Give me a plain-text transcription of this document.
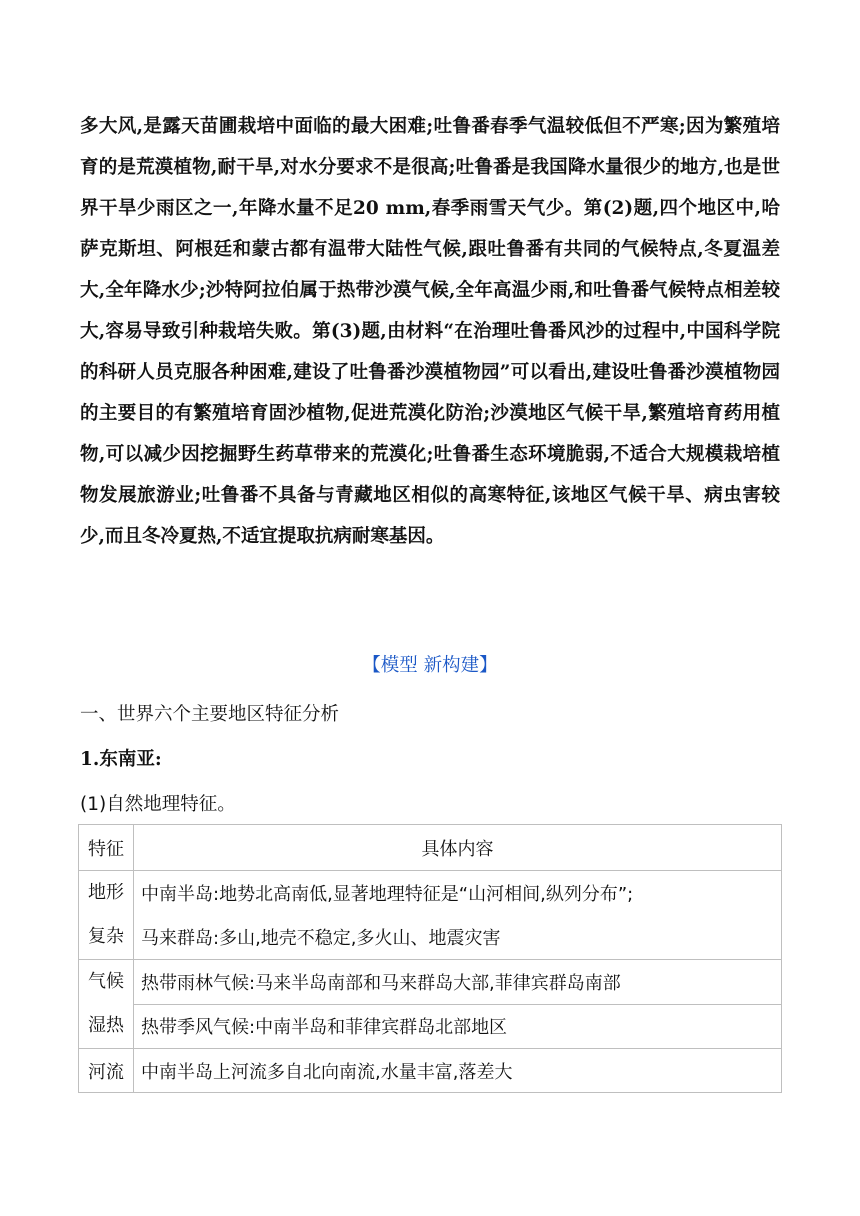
多大风,是露天苗圃栽培中面临的最大困难;吐鲁番春季气温较低但不严寒;因为繁殖培育的是荒漠植物,耐干旱,对水分要求不是很高;吐鲁番是我国降水量很少的地方,也是世界干旱少雨区之一,年降水量不足20 mm,春季雨雪天气少。第(2)题,四个地区中,哈萨克斯坦、阿根廷和蒙古都有温带大陆性气候,跟吐鲁番有共同的气候特点,冬夏温差大,全年降水少;沙特阿拉伯属于热带沙漠气候,全年高温少雨,和吐鲁番气候特点相差较大,容易导致引种栽培失败。第(3)题,由材料“在治理吐鲁番风沙的过程中,中国科学院的科研人员克服各种困难,建设了吐鲁番沙漠植物园”可以看出,建设吐鲁番沙漠植物园的主要目的有繁殖培育固沙植物,促进荒漠化防治;沙漠地区气候干旱,繁殖培育药用植物,可以减少因挖掘野生药草带来的荒漠化;吐鲁番生态环境脆弱,不适合大规模栽培植物发展旅游业;吐鲁番不具备与青藏地区相似的高寒特征,该地区气候干旱、病虫害较少,而且冬冷夏热,不适宜提取抗病耐寒基因。

【模型 新构建】

一、世界六个主要地区特征分析

1.东南亚:

(1)自然地理特征。

特征	具体内容

地形
复杂	中南半岛:地势北高南低,显著地理特征是“山河相间,纵列分布”;
	马来群岛:多山,地壳不稳定,多火山、地震灾害

气候
湿热	热带雨林气候:马来半岛南部和马来群岛大部,菲律宾群岛南部
	热带季风气候:中南半岛和菲律宾群岛北部地区
河流	中南半岛上河流多自北向南流,水量丰富,落差大
